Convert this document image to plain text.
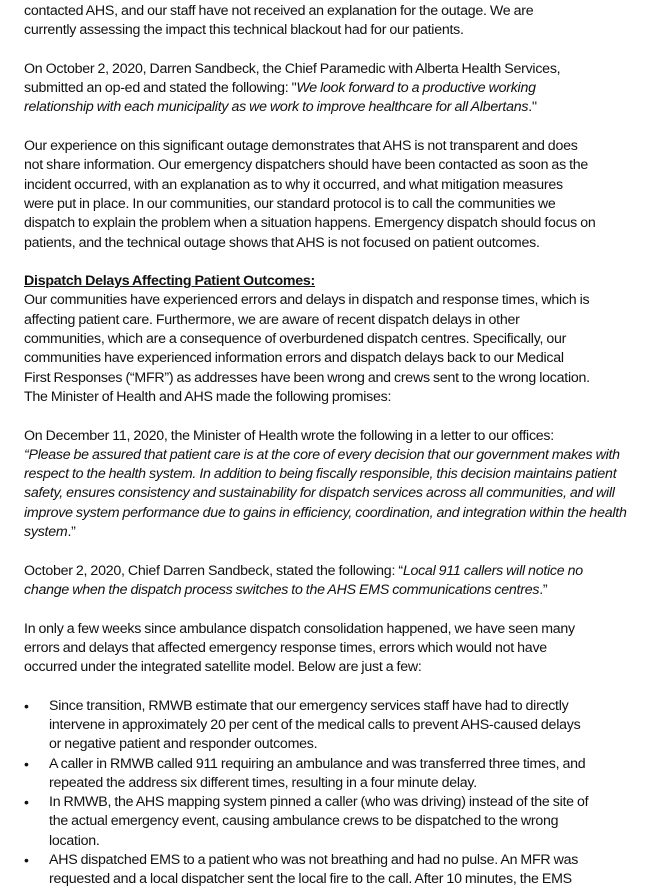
contacted AHS, and our staff have not received an explanation for the outage. We are
currently assessing the impact this technical blackout had for our patients.

On October 2, 2020, Darren Sandbeck, the Chief Paramedic with Alberta Health Services,
submitted an op-ed and stated the following: "We look forward to a productive working
relationship with each municipality as we work to improve healthcare for all Albertans."

Our experience on this significant outage demonstrates that AHS is not transparent and does
not share information. Our emergency dispatchers should have been contacted as soon as the
incident occurred, with an explanation as to why it occurred, and what mitigation measures
were put in place. In our communities, our standard protocol is to call the communities we
dispatch to explain the problem when a situation happens. Emergency dispatch should focus on
patients, and the technical outage shows that AHS is not focused on patient outcomes.

Dispatch Delays Affecting Patient Outcomes:
Our communities have experienced errors and delays in dispatch and response times, which is
affecting patient care. Furthermore, we are aware of recent dispatch delays in other
communities, which are a consequence of overburdened dispatch centres. Specifically, our
communities have experienced information errors and dispatch delays back to our Medical
First Responses (“MFR”) as addresses have been wrong and crews sent to the wrong location.
The Minister of Health and AHS made the following promises:

On December 11, 2020, the Minister of Health wrote the following in a letter to our offices:
“Please be assured that patient care is at the core of every decision that our government makes with
respect to the health system. In addition to being fiscally responsible, this decision maintains patient
safety, ensures consistency and sustainability for dispatch services across all communities, and will
improve system performance due to gains in efficiency, coordination, and integration within the health
system.”

October 2, 2020, Chief Darren Sandbeck, stated the following: “Local 911 callers will notice no
change when the dispatch process switches to the AHS EMS communications centres.”

In only a few weeks since ambulance dispatch consolidation happened, we have seen many
errors and delays that affected emergency response times, errors which would not have
occurred under the integrated satellite model. Below are just a few:

•	Since transition, RMWB estimate that our emergency services staff have had to directly
intervene in approximately 20 per cent of the medical calls to prevent AHS-caused delays
or negative patient and responder outcomes.
•	A caller in RMWB called 911 requiring an ambulance and was transferred three times, and
repeated the address six different times, resulting in a four minute delay.
•	In RMWB, the AHS mapping system pinned a caller (who was driving) instead of the site of
the actual emergency event, causing ambulance crews to be dispatched to the wrong
location.
•	AHS dispatched EMS to a patient who was not breathing and had no pulse. An MFR was
requested and a local dispatcher sent the local fire to the call. After 10 minutes, the EMS
